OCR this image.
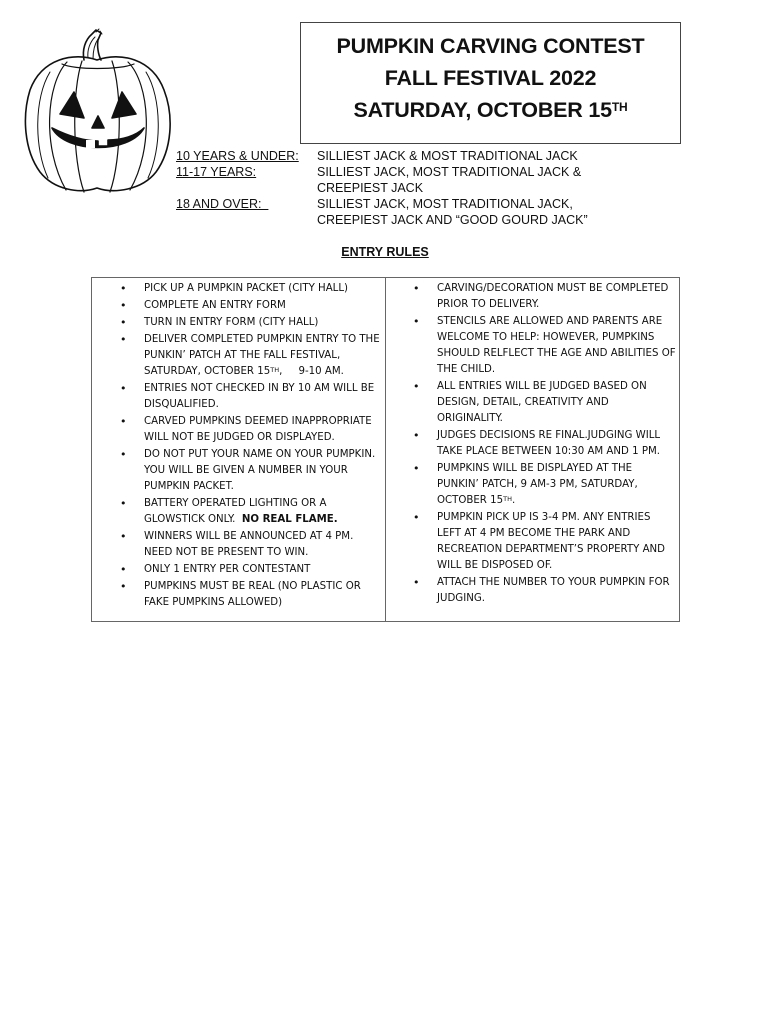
PUMPKIN CARVING CONTEST
FALL FESTIVAL 2022
SATURDAY, OCTOBER 15TH
10 YEARS & UNDER:	SILLIEST JACK & MOST TRADITIONAL JACK
11-17 YEARS:	SILLIEST JACK, MOST TRADITIONAL JACK &
CREEPIEST JACK
18 AND OVER:	SILLIEST JACK, MOST TRADITIONAL JACK, CREEPIEST JACK AND “GOOD GOURD JACK”
ENTRY RULES
• PICK UP A PUMPKIN PACKET (CITY HALL)
• COMPLETE AN ENTRY FORM
• TURN IN ENTRY FORM (CITY HALL)
• DELIVER COMPLETED PUMPKIN ENTRY TO THE PUNKIN’ PATCH AT THE FALL FESTIVAL, SATURDAY, OCTOBER 15TH,     9-10 AM.
• ENTRIES NOT CHECKED IN BY 10 AM WILL BE DISQUALIFIED.
• CARVED PUMPKINS DEEMED INAPPROPRIATE WILL NOT BE JUDGED OR DISPLAYED.
• DO NOT PUT YOUR NAME ON YOUR PUMPKIN. YOU WILL BE GIVEN A NUMBER IN YOUR PUMPKIN PACKET.
• BATTERY OPERATED LIGHTING OR A GLOWSTICK ONLY.  NO REAL FLAME.
• WINNERS WILL BE ANNOUNCED AT 4 PM. NEED NOT BE PRESENT TO WIN.
• ONLY 1 ENTRY PER CONTESTANT
• PUMPKINS MUST BE REAL (NO PLASTIC OR FAKE PUMPKINS ALLOWED)
• CARVING/DECORATION MUST BE COMPLETED PRIOR TO DELIVERY.
• STENCILS ARE ALLOWED AND PARENTS ARE WELCOME TO HELP: HOWEVER, PUMPKINS SHOULD RELFLECT THE AGE AND ABILITIES OF THE CHILD.
• ALL ENTRIES WILL BE JUDGED BASED ON DESIGN, DETAIL, CREATIVITY AND ORIGINALITY.
• JUDGES DECISIONS RE FINAL.JUDGING WILL TAKE PLACE BETWEEN 10:30 AM AND 1 PM.
• PUMPKINS WILL BE DISPLAYED AT THE PUNKIN’ PATCH, 9 AM-3 PM, SATURDAY, OCTOBER 15TH.
• PUMPKIN PICK UP IS 3-4 PM. ANY ENTRIES LEFT AT 4 PM BECOME THE PARK AND RECREATION DEPARTMENT’S PROPERTY AND WILL BE DISPOSED OF.
• ATTACH THE NUMBER TO YOUR PUMPKIN FOR JUDGING.
